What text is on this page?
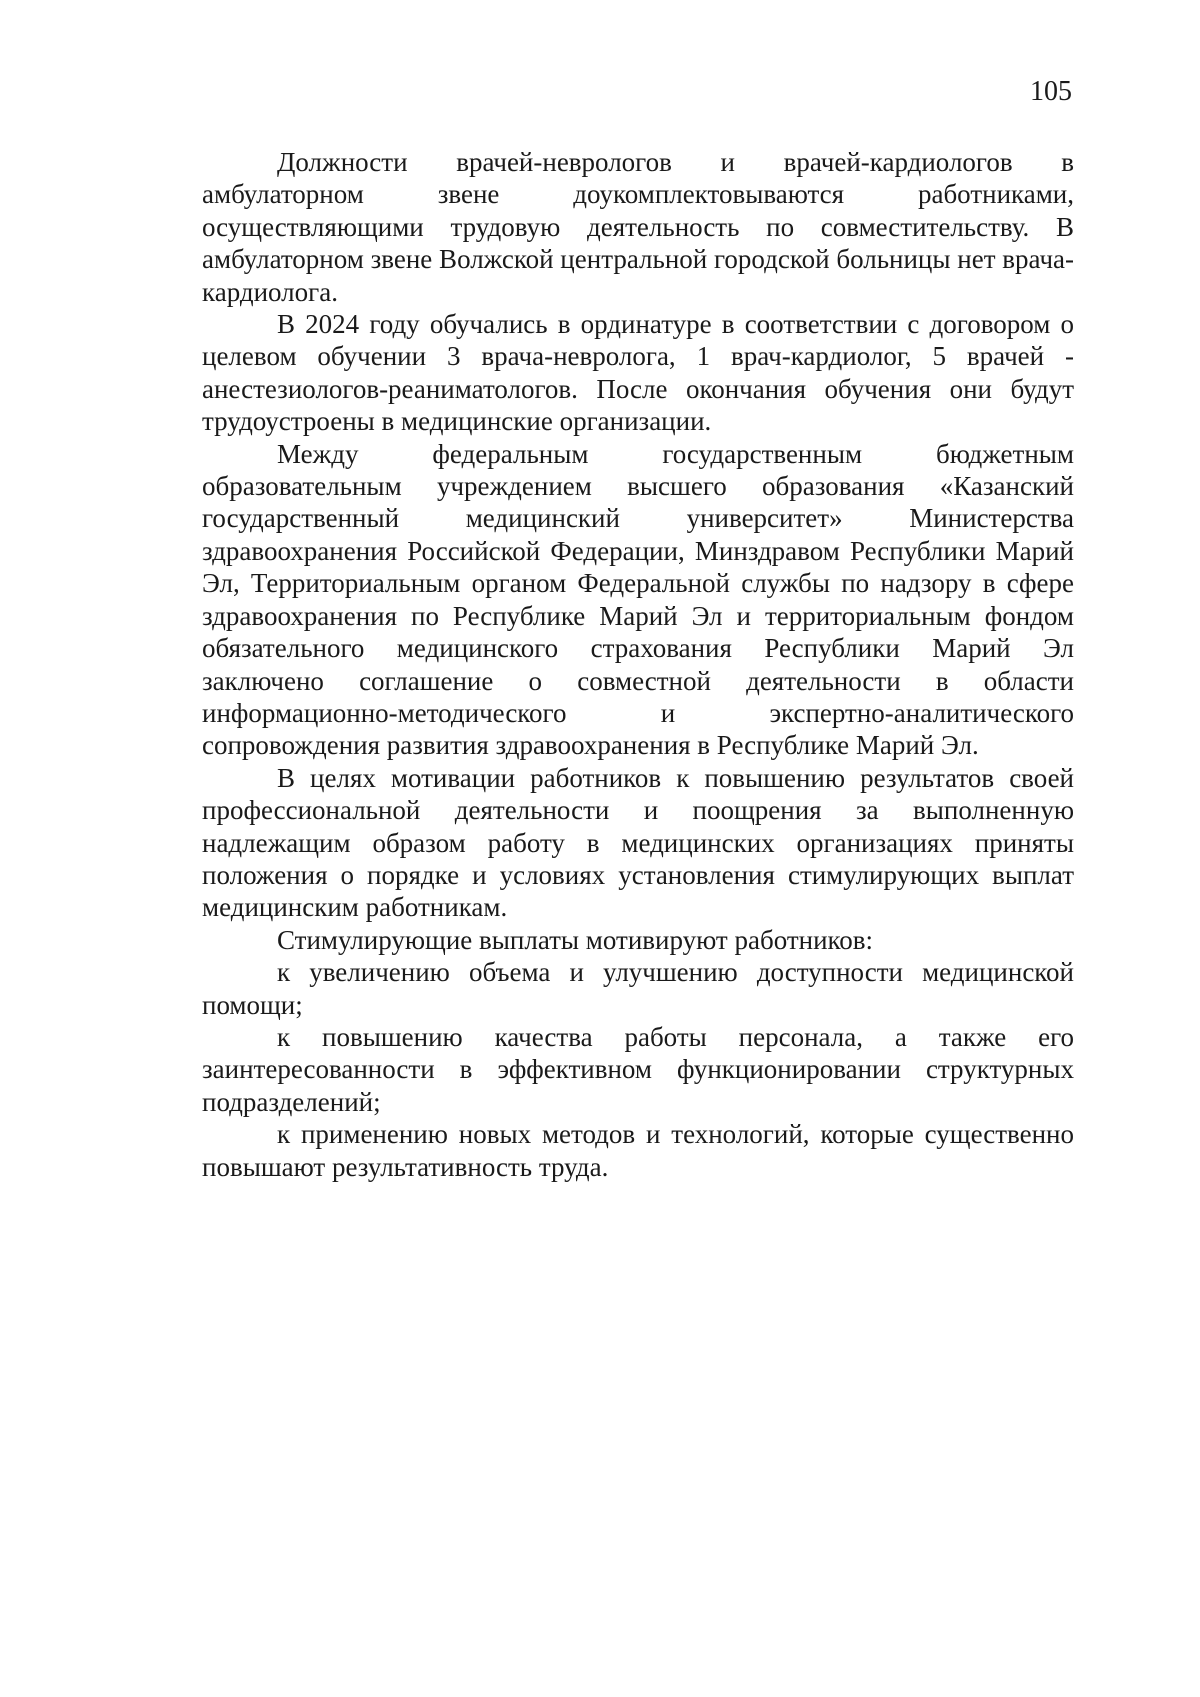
105

Должности врачей-неврологов и врачей-кардиологов в амбулаторном звене доукомплектовываются работниками, осуществляющими трудовую деятельность по совместительству. В амбулаторном звене Волжской центральной городской больницы нет врача-кардиолога.

В 2024 году обучались в ординатуре в соответствии с договором о целевом обучении 3 врача-невролога, 1 врач-кардиолог, 5 врачей - анестезиологов-реаниматологов. После окончания обучения они будут трудоустроены в медицинские организации.

Между федеральным государственным бюджетным образовательным учреждением высшего образования «Казанский государственный медицинский университет» Министерства здравоохранения Российской Федерации, Минздравом Республики Марий Эл, Территориальным органом Федеральной службы по надзору в сфере здравоохранения по Республике Марий Эл и территориальным фондом обязательного медицинского страхования Республики Марий Эл заключено соглашение о совместной деятельности в области информационно-методического и экспертно-аналитического сопровождения развития здравоохранения в Республике Марий Эл.

В целях мотивации работников к повышению результатов своей профессиональной деятельности и поощрения за выполненную надлежащим образом работу в медицинских организациях приняты положения о порядке и условиях установления стимулирующих выплат медицинским работникам.

Стимулирующие выплаты мотивируют работников:

к увеличению объема и улучшению доступности медицинской помощи;

к повышению качества работы персонала, а также его заинтересованности в эффективном функционировании структурных подразделений;

к применению новых методов и технологий, которые существенно повышают результативность труда.
